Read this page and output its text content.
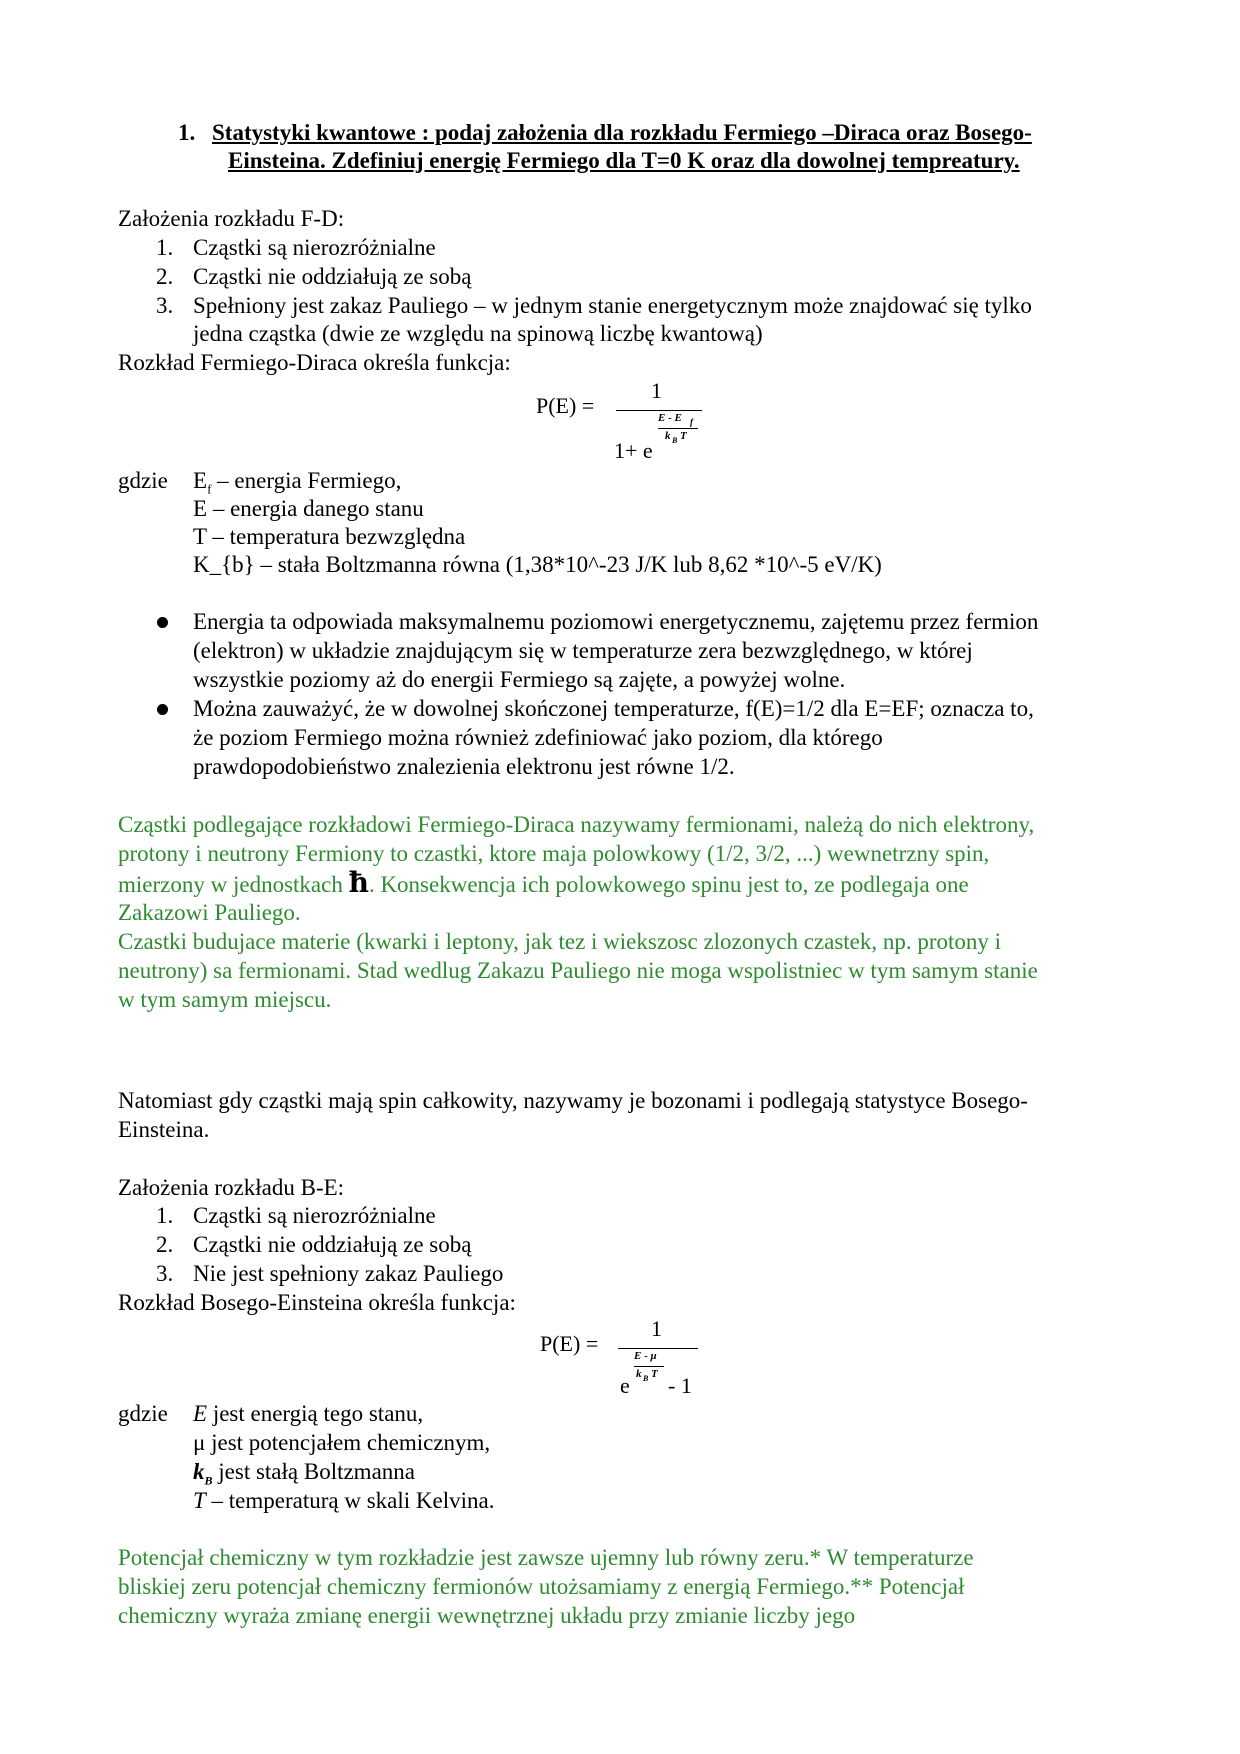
1. Statystyki kwantowe : podaj założenia dla rozkładu Fermiego –Diraca oraz Bosego-
Einsteina. Zdefiniuj energię Fermiego dla T=0 K oraz dla dowolnej tempreatury.
Założenia rozkładu F-D:
1. Cząstki są nierozróżnialne
2. Cząstki nie oddziałują ze sobą
3. Spełniony jest zakaz Pauliego – w jednym stanie energetycznym może znajdować się tylko
jedna cząstka (dwie ze względu na spinową liczbę kwantową)
Rozkład Fermiego-Diraca określa funkcja:
P(E) =
1
1+ e
E - E f
k B T
gdzie $E_f$ – energia Fermiego,
E – energia danego stanu
T – temperatura bezwzględna
K_{b} – stała Boltzmanna równa (1,38*10^-23 J/K lub 8,62 *10^-5 eV/K)
Energia ta odpowiada maksymalnemu poziomowi energetycznemu, zajętemu przez fermion
(elektron) w układzie znajdującym się w temperaturze zera bezwzględnego, w której
wszystkie poziomy aż do energii Fermiego są zajęte, a powyżej wolne.
Można zauważyć, że w dowolnej skończonej temperaturze, f(E)=1/2 dla E=EF; oznacza to,
że poziom Fermiego można również zdefiniować jako poziom, dla którego
prawdopodobieństwo znalezienia elektronu jest równe 1/2.
Cząstki podlegające rozkładowi Fermiego-Diraca nazywamy fermionami, należą do nich elektrony,
protony i neutrony Fermiony to czastki, ktore maja polowkowy (1/2, 3/2, ...) wewnetrzny spin,
mierzony w jednostkach ħ. Konsekwencja ich polowkowego spinu jest to, ze podlegaja one
Zakazowi Pauliego.
Czastki budujace materie (kwarki i leptony, jak tez i wiekszosc zlozonych czastek, np. protony i
neutrony) sa fermionami. Stad wedlug Zakazu Pauliego nie moga wspolistniec w tym samym stanie
w tym samym miejscu.
Natomiast gdy cząstki mają spin całkowity, nazywamy je bozonami i podlegają statystyce Bosego-
Einsteina.
Założenia rozkładu B-E:
1. Cząstki są nierozróżnialne
2. Cząstki nie oddziałują ze sobą
3. Nie jest spełniony zakaz Pauliego
Rozkład Bosego-Einsteina określa funkcja:
P(E) =
1
e - 1
E - μ
k B T
gdzie E jest energią tego stanu,
μ jest potencjałem chemicznym,
$k_B$ jest stałą Boltzmanna
T – temperaturą w skali Kelvina.
Potencjał chemiczny w tym rozkładzie jest zawsze ujemny lub równy zeru.* W temperaturze
bliskiej zeru potencjał chemiczny fermionów utożsamiamy z energią Fermiego.** Potencjał
chemiczny wyraża zmianę energii wewnętrznej układu przy zmianie liczby jego
